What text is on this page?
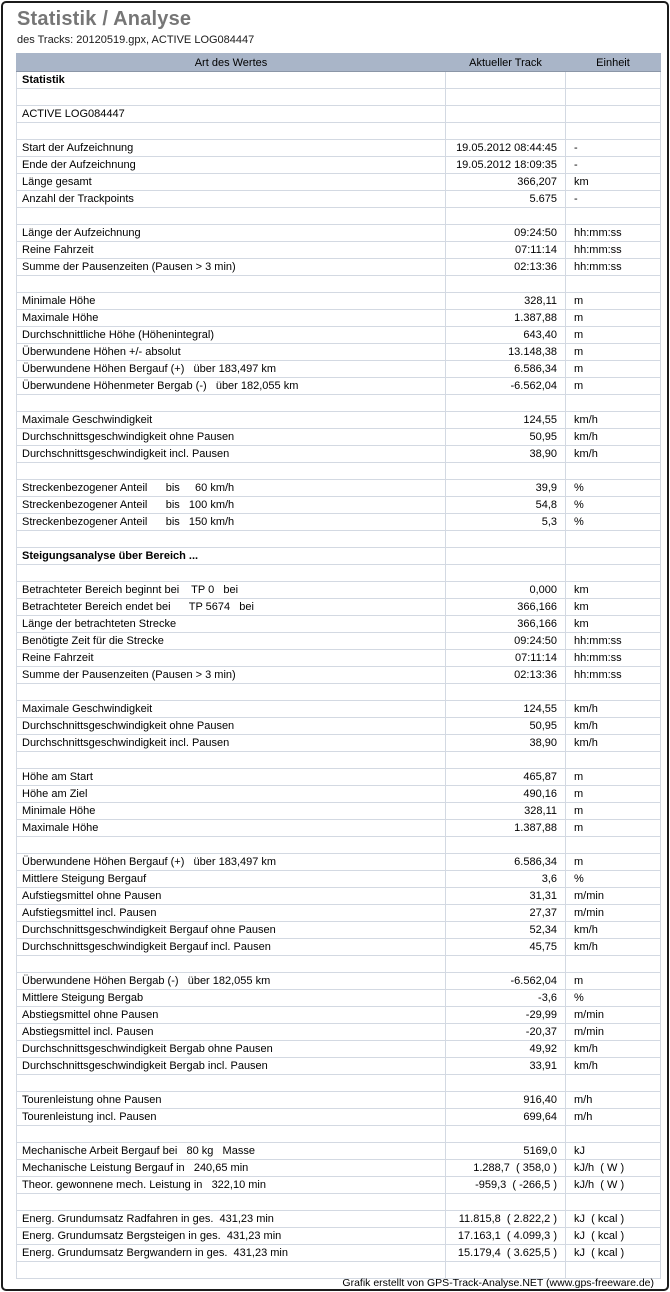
Statistik / Analyse
des Tracks: 20120519.gpx, ACTIVE LOG084447
Art des Wertes	Aktueller Track	Einheit
Statistik		

ACTIVE LOG084447		

Start der Aufzeichnung	19.05.2012 08:44:45	-
Ende der Aufzeichnung	19.05.2012 18:09:35	-
Länge gesamt	366,207	km
Anzahl der Trackpoints	5.675	-

Länge der Aufzeichnung	09:24:50	hh:mm:ss
Reine Fahrzeit	07:11:14	hh:mm:ss
Summe der Pausenzeiten (Pausen > 3 min)	02:13:36	hh:mm:ss

Minimale Höhe	328,11	m
Maximale Höhe	1.387,88	m
Durchschnittliche Höhe (Höhenintegral)	643,40	m
Überwundene Höhen +/- absolut	13.148,38	m
Überwundene Höhen Bergauf (+)   über 183,497 km	6.586,34	m
Überwundene Höhenmeter Bergab (-)   über 182,055 km	-6.562,04	m

Maximale Geschwindigkeit	124,55	km/h
Durchschnittsgeschwindigkeit ohne Pausen	50,95	km/h
Durchschnittsgeschwindigkeit incl. Pausen	38,90	km/h

Streckenbezogener Anteil      bis     60 km/h	39,9	%
Streckenbezogener Anteil      bis   100 km/h	54,8	%
Streckenbezogener Anteil      bis   150 km/h	5,3	%

Steigungsanalyse über Bereich ...		

Betrachteter Bereich beginnt bei    TP 0   bei	0,000	km
Betrachteter Bereich endet bei      TP 5674   bei	366,166	km
Länge der betrachteten Strecke	366,166	km
Benötigte Zeit für die Strecke	09:24:50	hh:mm:ss
Reine Fahrzeit	07:11:14	hh:mm:ss
Summe der Pausenzeiten (Pausen > 3 min)	02:13:36	hh:mm:ss

Maximale Geschwindigkeit	124,55	km/h
Durchschnittsgeschwindigkeit ohne Pausen	50,95	km/h
Durchschnittsgeschwindigkeit incl. Pausen	38,90	km/h

Höhe am Start	465,87	m
Höhe am Ziel	490,16	m
Minimale Höhe	328,11	m
Maximale Höhe	1.387,88	m

Überwundene Höhen Bergauf (+)   über 183,497 km	6.586,34	m
Mittlere Steigung Bergauf	3,6	%
Aufstiegsmittel ohne Pausen	31,31	m/min
Aufstiegsmittel incl. Pausen	27,37	m/min
Durchschnittsgeschwindigkeit Bergauf ohne Pausen	52,34	km/h
Durchschnittsgeschwindigkeit Bergauf incl. Pausen	45,75	km/h

Überwundene Höhen Bergab (-)   über 182,055 km	-6.562,04	m
Mittlere Steigung Bergab	-3,6	%
Abstiegsmittel ohne Pausen	-29,99	m/min
Abstiegsmittel incl. Pausen	-20,37	m/min
Durchschnittsgeschwindigkeit Bergab ohne Pausen	49,92	km/h
Durchschnittsgeschwindigkeit Bergab incl. Pausen	33,91	km/h

Tourenleistung ohne Pausen	916,40	m/h
Tourenleistung incl. Pausen	699,64	m/h

Mechanische Arbeit Bergauf bei   80 kg   Masse	5169,0	kJ
Mechanische Leistung Bergauf in   240,65 min	1.288,7  ( 358,0 )	kJ/h  ( W )
Theor. gewonnene mech. Leistung in   322,10 min	-959,3  ( -266,5 )	kJ/h  ( W )

Energ. Grundumsatz Radfahren in ges.  431,23 min	11.815,8  ( 2.822,2 )	kJ  ( kcal )
Energ. Grundumsatz Bergsteigen in ges.  431,23 min	17.163,1  ( 4.099,3 )	kJ  ( kcal )
Energ. Grundumsatz Bergwandern in ges.  431,23 min	15.179,4  ( 3.625,5 )	kJ  ( kcal )

Grafik erstellt von GPS-Track-Analyse.NET (www.gps-freeware.de)
